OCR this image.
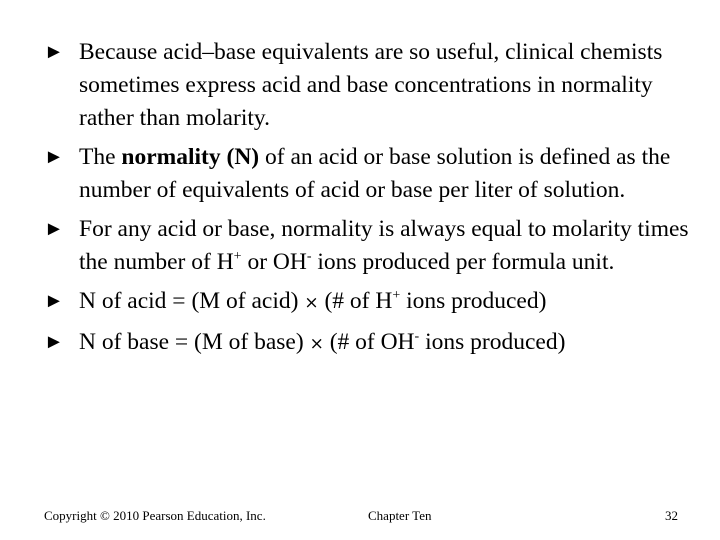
► Because acid–base equivalents are so useful, clinical chemists sometimes express acid and base concentrations in normality rather than molarity.
► The normality (N) of an acid or base solution is defined as the number of equivalents of acid or base per liter of solution.
► For any acid or base, normality is always equal to molarity times the number of H+ or OH- ions produced per formula unit.
► N of acid = (M of acid) × (# of H+ ions produced)
► N of base = (M of base) × (# of OH- ions produced)
Copyright © 2010 Pearson Education, Inc.	Chapter Ten	32
